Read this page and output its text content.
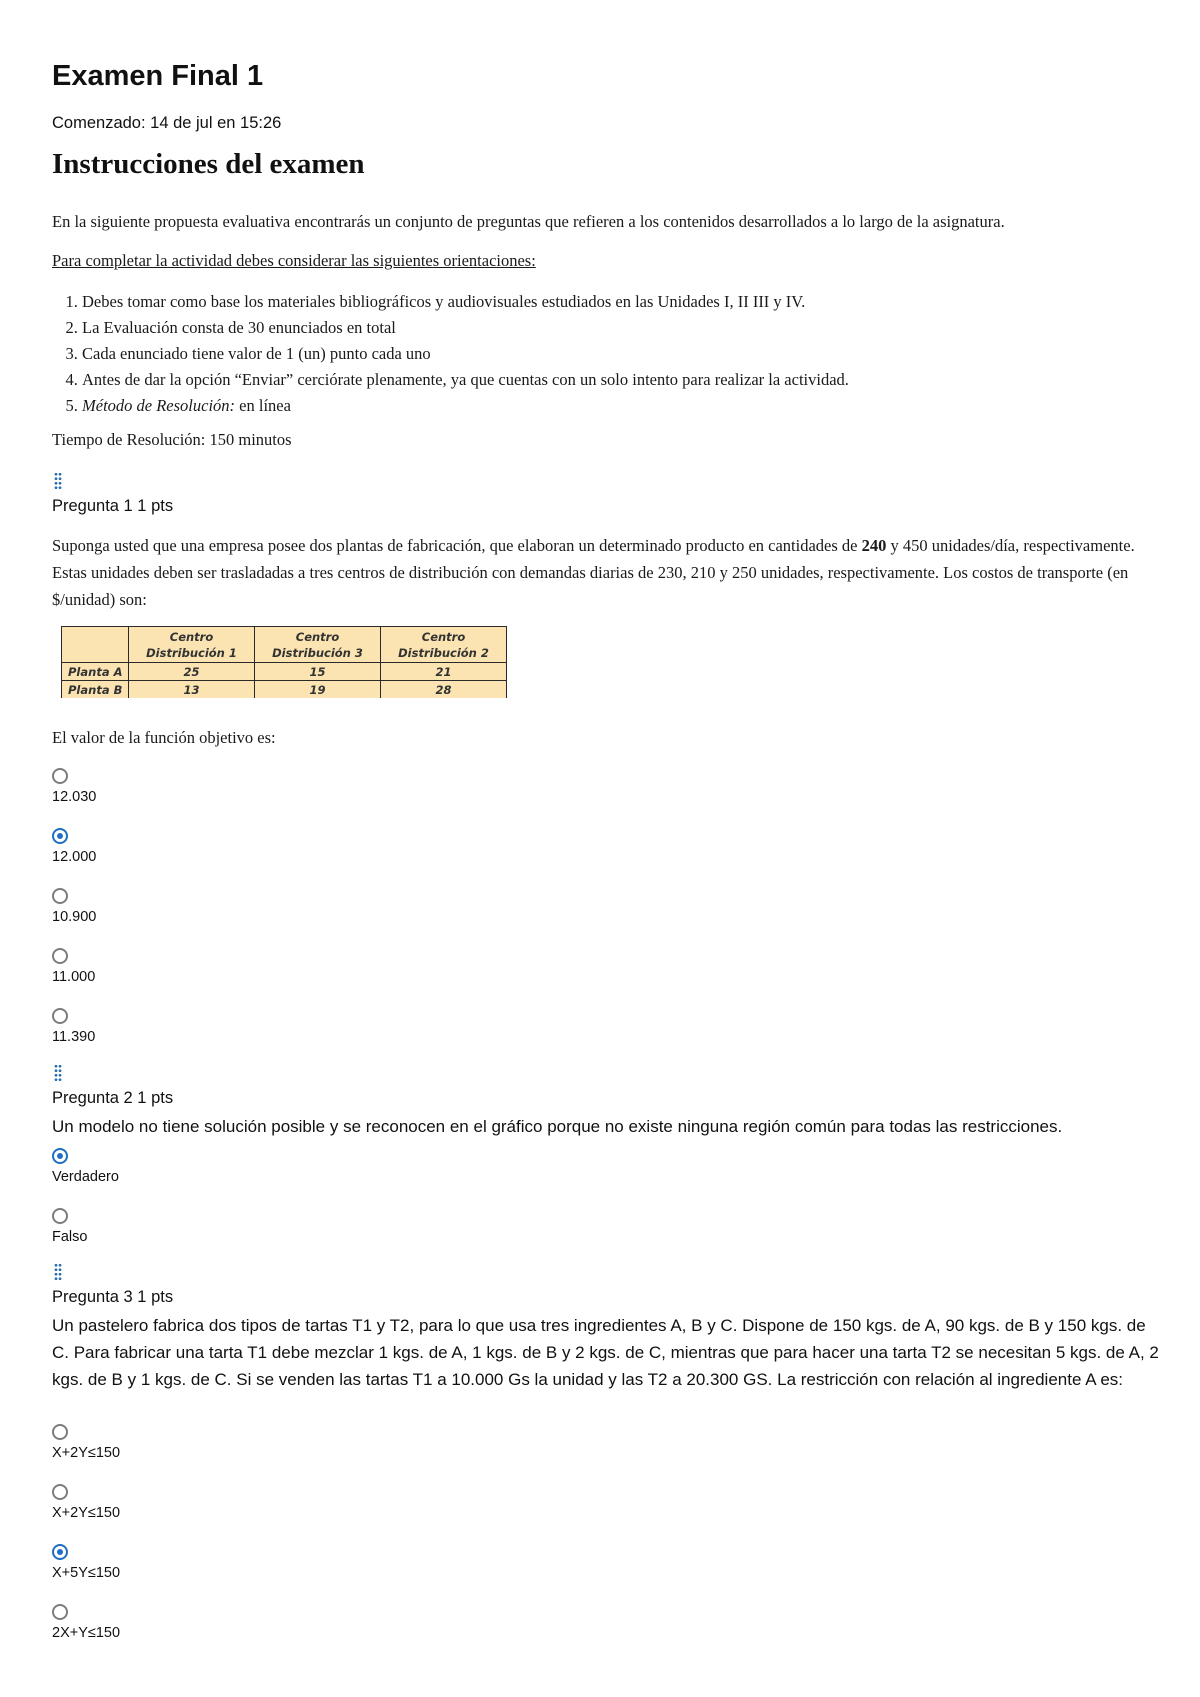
Examen Final 1
Comenzado: 14 de jul en 15:26
Instrucciones del examen
En la siguiente propuesta evaluativa encontrarás un conjunto de preguntas que refieren a los contenidos desarrollados a lo largo de la asignatura.
Para completar la actividad debes considerar las siguientes orientaciones:
1. Debes tomar como base los materiales bibliográficos y audiovisuales estudiados en las Unidades I, II III y IV.
2. La Evaluación consta de 30 enunciados en total
3. Cada enunciado tiene valor de 1 (un) punto cada uno
4. Antes de dar la opción “Enviar” cerciórate plenamente, ya que cuentas con un solo intento para realizar la actividad.
5. Método de Resolución: en línea
Tiempo de Resolución: 150 minutos
Pregunta 1 1 pts
Suponga usted que una empresa posee dos plantas de fabricación, que elaboran un determinado producto en cantidades de 240 y 450 unidades/día, respectivamente. Estas unidades deben ser trasladadas a tres centros de distribución con demandas diarias de 230, 210 y 250 unidades, respectivamente. Los costos de transporte (en $/unidad) son:
	Centro Distribución 1	Centro Distribución 3	Centro Distribución 2
Planta A	25	15	21
Planta B	13	19	28
El valor de la función objetivo es:
12.030
12.000
10.900
11.000
11.390
Pregunta 2 1 pts
Un modelo no tiene solución posible y se reconocen en el gráfico porque no existe ninguna región común para todas las restricciones.
Verdadero
Falso
Pregunta 3 1 pts
Un pastelero fabrica dos tipos de tartas T1 y T2, para lo que usa tres ingredientes A, B y C. Dispone de 150 kgs. de A, 90 kgs. de B y 150 kgs. de C. Para fabricar una tarta T1 debe mezclar 1 kgs. de A, 1 kgs. de B y 2 kgs. de C, mientras que para hacer una tarta T2 se necesitan 5 kgs. de A, 2 kgs. de B y 1 kgs. de C. Si se venden las tartas T1 a 10.000 Gs la unidad y las T2 a 20.300 GS. La restricción con relación al ingrediente A es:
X+2Y≤150
X+2Y≤150
X+5Y≤150
2X+Y≤150
